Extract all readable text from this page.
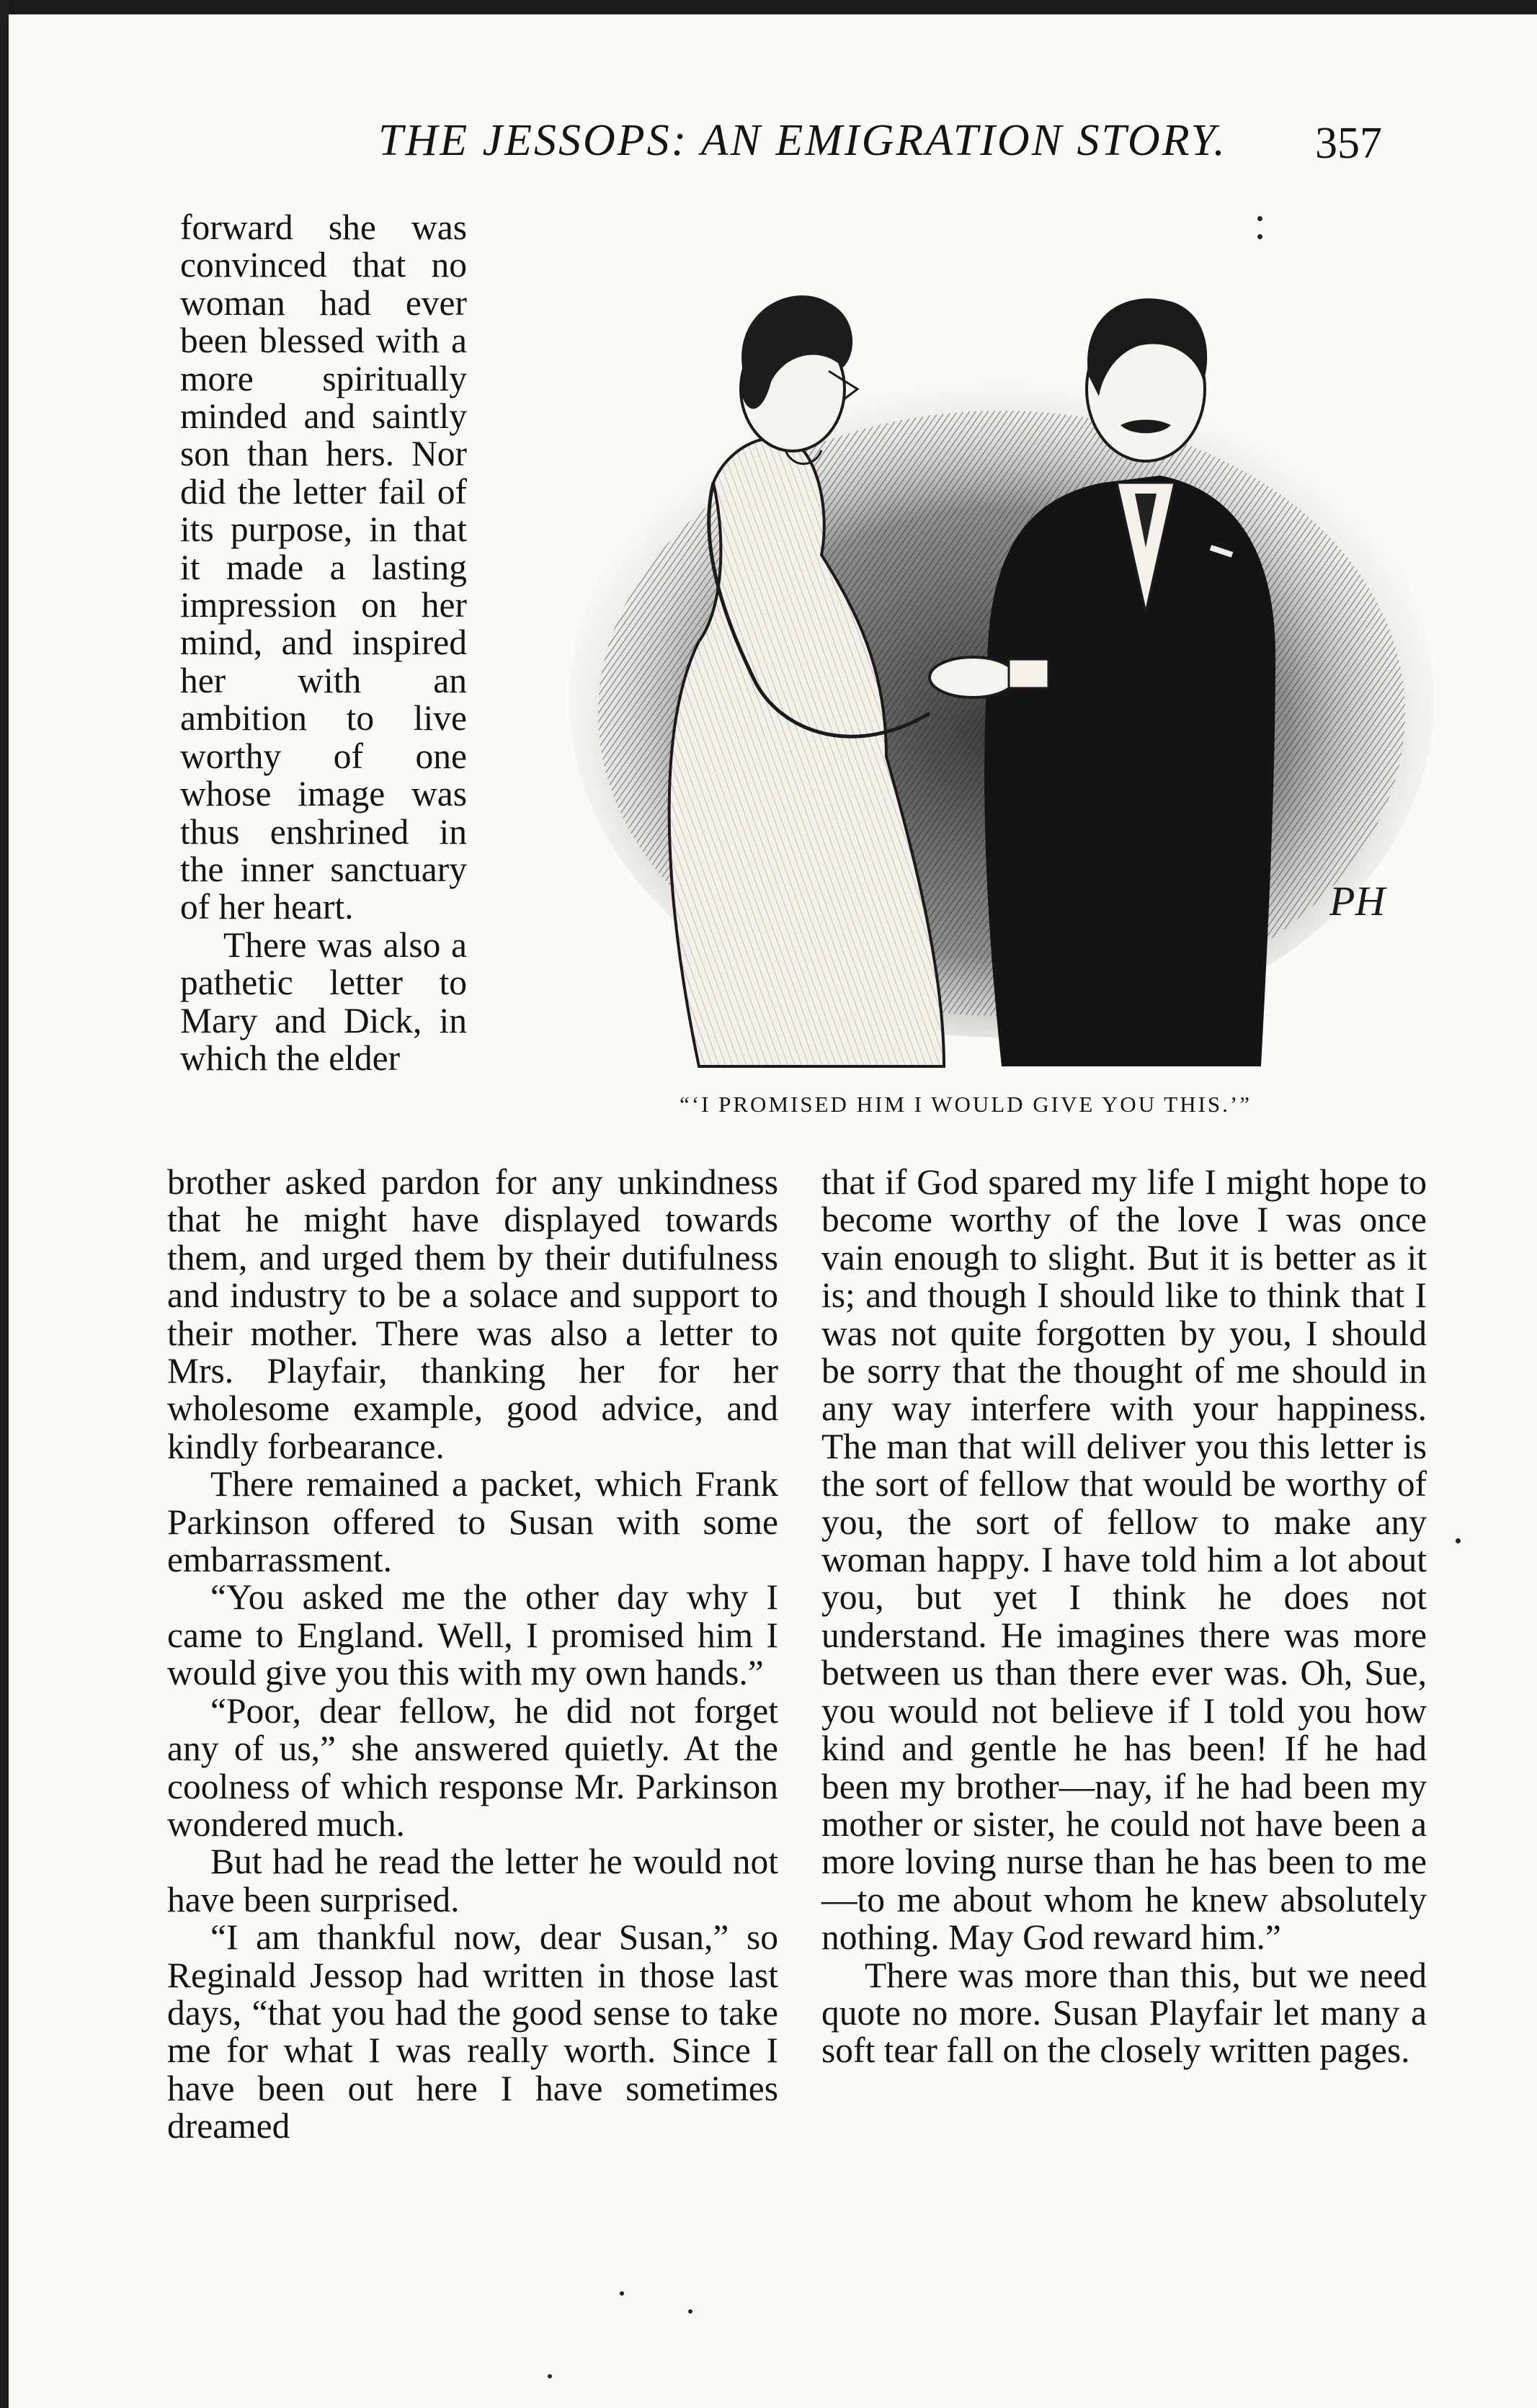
THE JESSOPS: AN EMIGRATION STORY. 357

forward she was convinced that no woman had ever been blessed with a more spiritually minded and saintly son than hers. Nor did the letter fail of its purpose, in that it made a lasting impression on her mind, and inspired her with an ambition to live worthy of one whose image was thus enshrined in the inner sanctuary of her heart.

There was also a pathetic letter to Mary and Dick, in which the elder

PH
“‘I PROMISED HIM I WOULD GIVE YOU THIS.’”

brother asked pardon for any unkindness that he might have displayed towards them, and urged them by their dutifulness and industry to be a solace and support to their mother. There was also a letter to Mrs. Playfair, thanking her for her wholesome example, good advice, and kindly forbearance.

There remained a packet, which Frank Parkinson offered to Susan with some embarrassment.

“You asked me the other day why I came to England. Well, I promised him I would give you this with my own hands.”

“Poor, dear fellow, he did not forget any of us,” she answered quietly. At the coolness of which response Mr. Parkinson wondered much.

But had he read the letter he would not have been surprised.

“I am thankful now, dear Susan,” so Reginald Jessop had written in those last days, “that you had the good sense to take me for what I was really worth. Since I have been out here I have sometimes dreamed

that if God spared my life I might hope to become worthy of the love I was once vain enough to slight. But it is better as it is; and though I should like to think that I was not quite forgotten by you, I should be sorry that the thought of me should in any way interfere with your happiness. The man that will deliver you this letter is the sort of fellow that would be worthy of you, the sort of fellow to make any woman happy. I have told him a lot about you, but yet I think he does not understand. He imagines there was more between us than there ever was. Oh, Sue, you would not believe if I told you how kind and gentle he has been! If he had been my brother—nay, if he had been my mother or sister, he could not have been a more loving nurse than he has been to me—to me about whom he knew absolutely nothing. May God reward him.”

There was more than this, but we need quote no more. Susan Playfair let many a soft tear fall on the closely written pages.
